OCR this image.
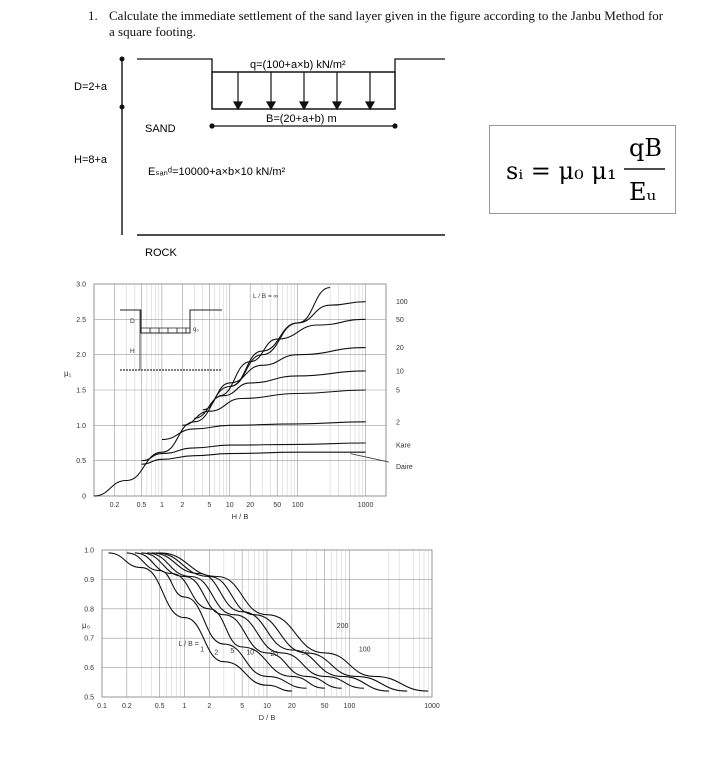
1. Calculate the immediate settlement of the sand layer given in the figure according to the Janbu Method for a square footing.
q=(100+a×b) kN/m²
B=(20+a+b) m
D=2+a
H=8+a
SAND
Eₛₐₙᵈ=10000+a×b×10 kN/m²
ROCK
sᵢ = μ₀ μ₁
qB
Eᵤ
0.2 0.5 1 2	5 10 20	50 100	1000
0
0.5
1.0
1.5
2.0
2.5
3.0
H / B
μ₁
100
50
20
10
5
2
Kare
Daire
L / B = ∞
D
H
q₀
0.1 0.2	0.5	1	2	5	10 20	50 100	1000
0.5
0.6
0.7
0.8
0.9
1.0
D / B
μ₀
L / B =
1 2 5 10 20	50
100
200
